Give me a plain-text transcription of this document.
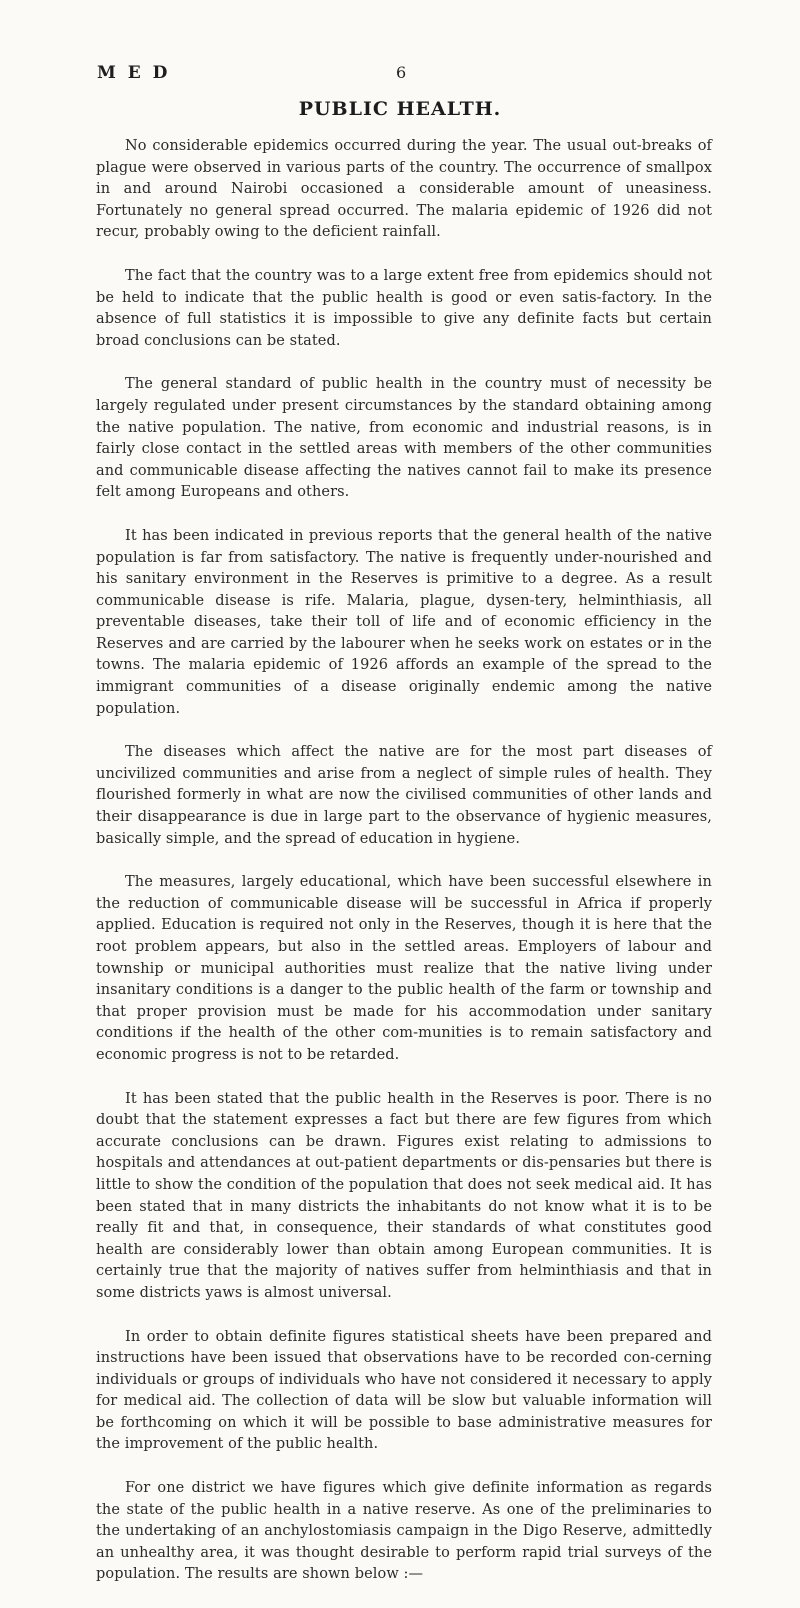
M E D	6
PUBLIC HEALTH.

No considerable epidemics occurred during the year. The usual out-breaks of plague were observed in various parts of the country. The occurrence of smallpox in and around Nairobi occasioned a considerable amount of uneasiness. Fortunately no general spread occurred. The malaria epidemic of 1926 did not recur, probably owing to the deficient rainfall.

The fact that the country was to a large extent free from epidemics should not be held to indicate that the public health is good or even satis-factory. In the absence of full statistics it is impossible to give any definite facts but certain broad conclusions can be stated.

The general standard of public health in the country must of necessity be largely regulated under present circumstances by the standard obtaining among the native population. The native, from economic and industrial reasons, is in fairly close contact in the settled areas with members of the other communities and communicable disease affecting the natives cannot fail to make its presence felt among Europeans and others.

It has been indicated in previous reports that the general health of the native population is far from satisfactory. The native is frequently under-nourished and his sanitary environment in the Reserves is primitive to a degree. As a result communicable disease is rife. Malaria, plague, dysen-tery, helminthiasis, all preventable diseases, take their toll of life and of economic efficiency in the Reserves and are carried by the labourer when he seeks work on estates or in the towns. The malaria epidemic of 1926 affords an example of the spread to the immigrant communities of a disease originally endemic among the native population.

The diseases which affect the native are for the most part diseases of uncivilized communities and arise from a neglect of simple rules of health. They flourished formerly in what are now the civilised communities of other lands and their disappearance is due in large part to the observance of hygienic measures, basically simple, and the spread of education in hygiene.

The measures, largely educational, which have been successful elsewhere in the reduction of communicable disease will be successful in Africa if properly applied. Education is required not only in the Reserves, though it is here that the root problem appears, but also in the settled areas. Employers of labour and township or municipal authorities must realize that the native living under insanitary conditions is a danger to the public health of the farm or township and that proper provision must be made for his accommodation under sanitary conditions if the health of the other com-munities is to remain satisfactory and economic progress is not to be retarded.

It has been stated that the public health in the Reserves is poor. There is no doubt that the statement expresses a fact but there are few figures from which accurate conclusions can be drawn. Figures exist relating to admissions to hospitals and attendances at out-patient departments or dis-pensaries but there is little to show the condition of the population that does not seek medical aid. It has been stated that in many districts the inhabitants do not know what it is to be really fit and that, in consequence, their standards of what constitutes good health are considerably lower than obtain among European communities. It is certainly true that the majority of natives suffer from helminthiasis and that in some districts yaws is almost universal.

In order to obtain definite figures statistical sheets have been prepared and instructions have been issued that observations have to be recorded con-cerning individuals or groups of individuals who have not considered it necessary to apply for medical aid. The collection of data will be slow but valuable information will be forthcoming on which it will be possible to base administrative measures for the improvement of the public health.

For one district we have figures which give definite information as regards the state of the public health in a native reserve. As one of the preliminaries to the undertaking of an anchylostomiasis campaign in the Digo Reserve, admittedly an unhealthy area, it was thought desirable to perform rapid trial surveys of the population. The results are shown below :—
